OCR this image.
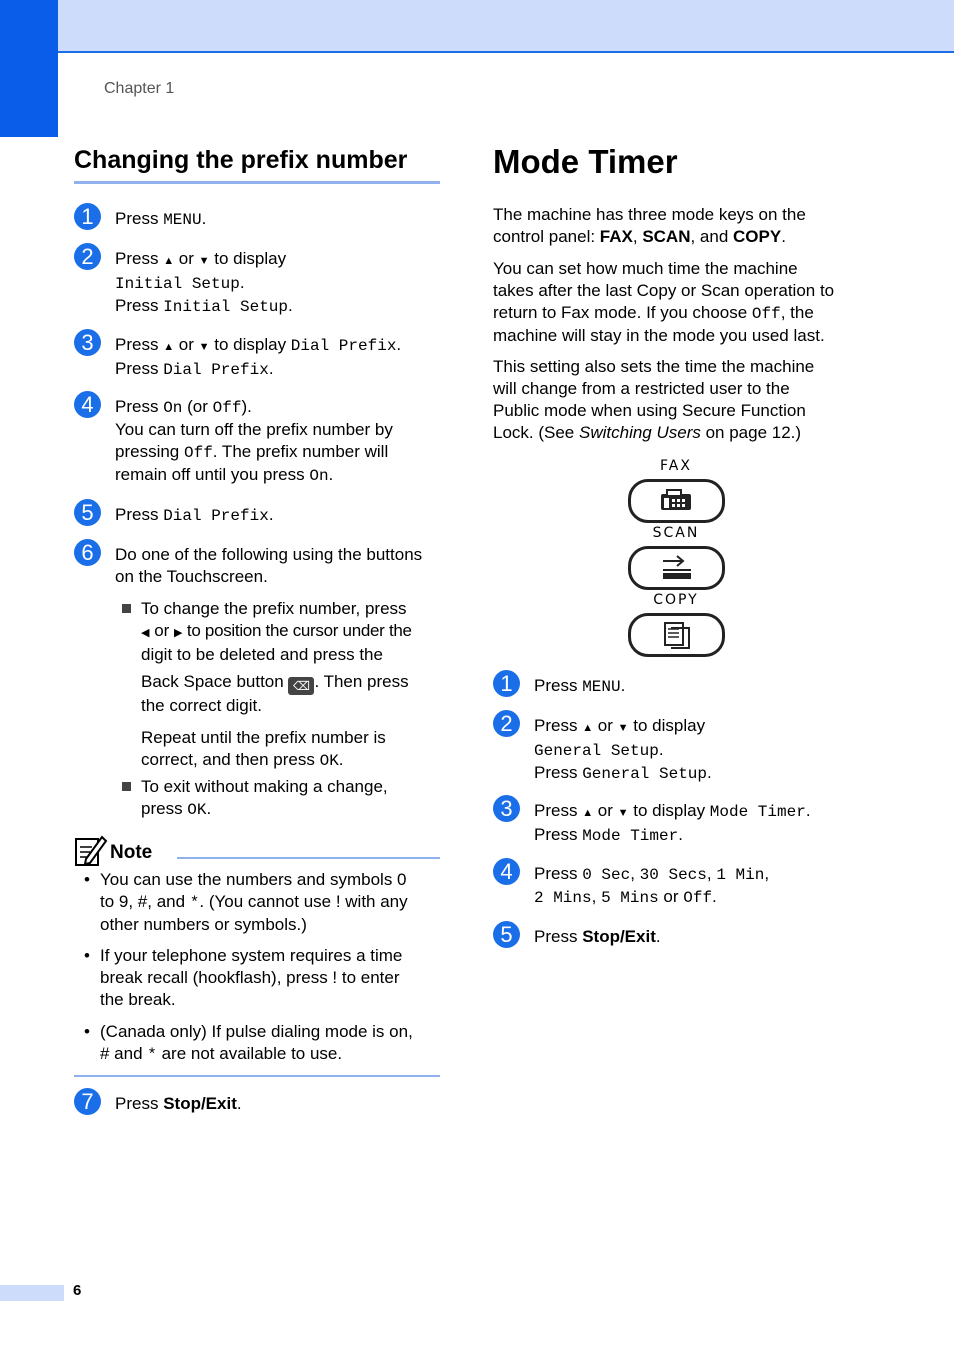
Chapter 1
Changing the prefix number
1	Press MENU.
2	Press ▲ or ▼ to display
Initial Setup.
Press Initial Setup.
3	Press ▲ or ▼ to display Dial Prefix.
Press Dial Prefix.
4	Press On (or Off).
You can turn off the prefix number by
pressing Off. The prefix number will
remain off until you press On.
5	Press Dial Prefix.
6	Do one of the following using the buttons
on the Touchscreen.
To change the prefix number, press
◀ or ▶ to position the cursor under the
digit to be deleted and press the
Back Space button ⌫ . Then press
the correct digit.
Repeat until the prefix number is
correct, and then press OK.
To exit without making a change,
press OK.
Note
• You can use the numbers and symbols 0
to 9, #, and *. (You cannot use ! with any
other numbers or symbols.)
• If your telephone system requires a time
break recall (hookflash), press ! to enter
the break.
• (Canada only) If pulse dialing mode is on,
# and * are not available to use.
7	Press Stop/Exit.
Mode Timer
The machine has three mode keys on the
control panel: FAX, SCAN, and COPY.
You can set how much time the machine
takes after the last Copy or Scan operation to
return to Fax mode. If you choose Off, the
machine will stay in the mode you used last.
This setting also sets the time the machine
will change from a restricted user to the
Public mode when using Secure Function
Lock. (See Switching Users on page 12.)
FAX
SCAN
COPY
1	Press MENU.
2	Press ▲ or ▼ to display
General Setup.
Press General Setup.
3	Press ▲ or ▼ to display Mode Timer.
Press Mode Timer.
4	Press 0 Sec, 30 Secs, 1 Min,
2 Mins, 5 Mins or Off.
5	Press Stop/Exit.
6
